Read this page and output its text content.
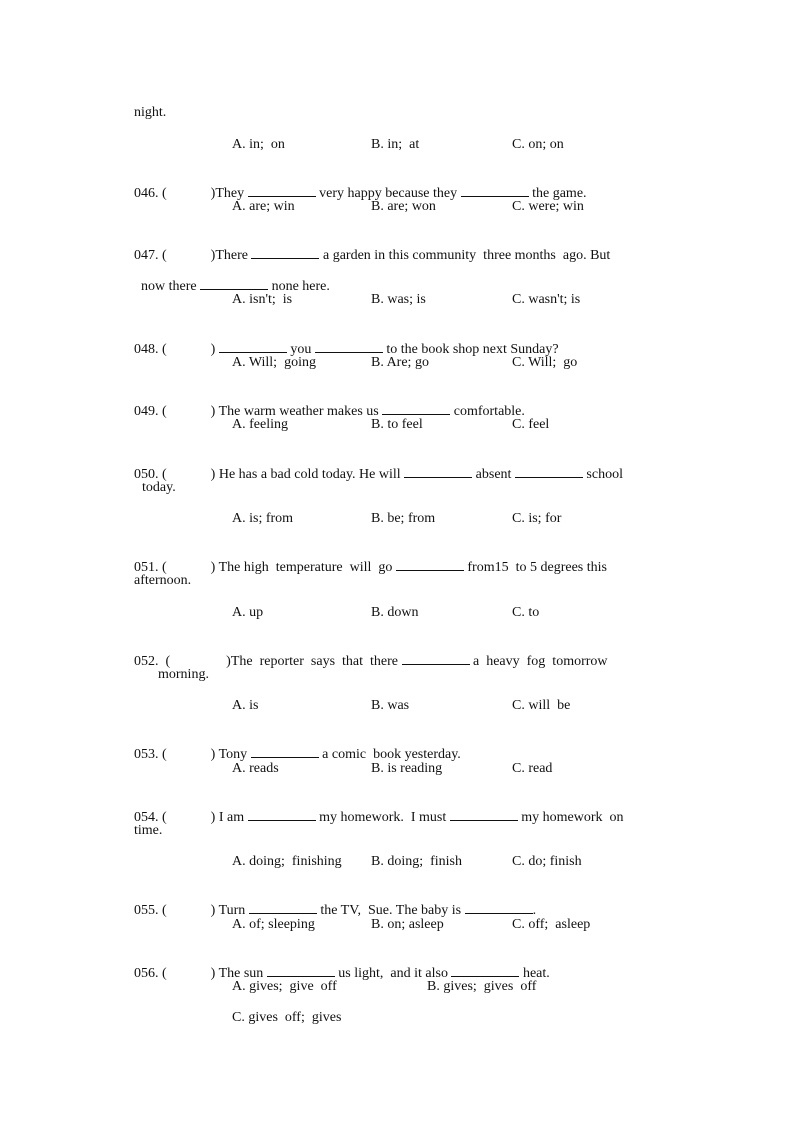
night.
A. in;  on	B. in;  at	C. on; on

046. (	)They	very happy because they	the game.

A. are; win	B. are; won	C. were; win

047. (	)There	a garden in this community  three months  ago. But

now there	none here.

A. isn't;  is	B. was; is	C. wasn't; is

048. (	)	you	to the book shop next Sunday?

A. Will;  going	B. Are; go	C. Will;  go

049. (	) The warm weather makes us	comfortable.

A. feeling	B. to feel	C. feel

050. (	) He has a bad cold today. He will	absent	school

today.
A. is; from	B. be; from	C. is; for

051. (	) The high  temperature  will  go	from15  to 5 degrees this

afternoon.
A. up	B. down	C. to

052.  (	)The  reporter  says  that  there	a  heavy  fog  tomorrow

morning.
A. is	B. was	C. will  be

053. (	) Tony	a comic  book yesterday.

A. reads	B. is reading	C. read

054. (	) I am	my homework.  I must	my homework  on

time.
A. doing;  finishing B. doing;  finish	C. do; finish

055. (	) Turn	the TV,  Sue. The baby is	.

A. of; sleeping	B. on; asleep	C. off;  asleep

056. (	) The sun	us light,  and it also	heat.

A. gives;  give  off	B. gives;  gives  off
C. gives  off;  gives
